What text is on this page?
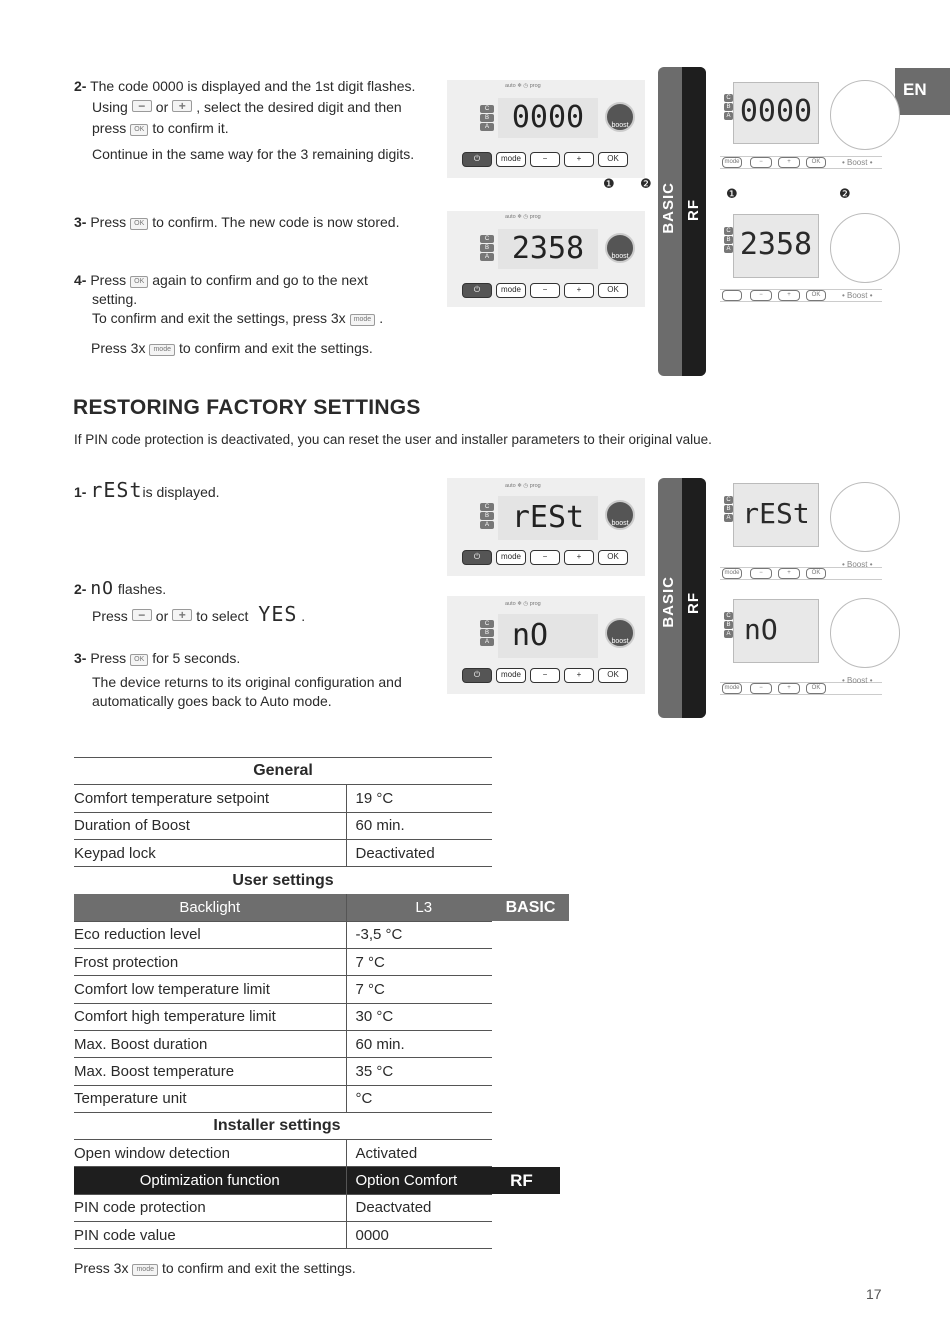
EN
2- The code 0000 is displayed and the 1st digit flashes.
Using − or + , select the desired digit and then
press OK to confirm it.
Continue in the same way for the 3 remaining digits.
3- Press OK to confirm. The new code is now stored.
4- Press OK again to confirm and go to the next
setting.
To confirm and exit the settings, press 3x mode .
Press 3x mode to confirm and exit the settings.
auto ❄ ◷ prog
C
B
A 0000	boost
⏻	mode	−	+	OK
❶ ❷
auto ❄ ◷ prog
C
B
A 2358	boost
⏻	mode	−	+	OK
BASIC RF
C
B
A 0000
mode	−	+	OK	• Boost •
❶	❷
C
B
A 2358
−	+	OK	• Boost •
RESTORING FACTORY SETTINGS
If PIN code protection is deactivated, you can reset the user and installer parameters to their original value.
1- rEStis displayed.
2- nO flashes.
Press − or + to select YES .
3- Press OK for 5 seconds.
The device returns to its original configuration and
automatically goes back to Auto mode.
auto ❄ ◷ prog
C
B
A rESt	boost
⏻	mode	−	+	OK
auto ❄ ◷ prog
C
B
A nO	boost
⏻	mode	−	+	OK
BASIC RF
C
B
A rESt
mode	−	+	OK
• Boost •
C
B
A nO
mode	−	+	OK
• Boost •
General	
Comfort temperature setpoint	19 °C
Duration of Boost	60 min.
Keypad lock	Deactivated
User settings	
Backlight	L3
Eco reduction level	-3,5 °C
Frost protection	7 °C
Comfort low temperature limit	7 °C
Comfort high temperature limit	30 °C
Max. Boost duration	60 min.
Max. Boost temperature	35 °C
Temperature unit	°C
Installer settings	
Open window detection	Activated
Optimization function	Option Comfort
PIN code protection	Deactvated
PIN code value	0000
BASIC
RF
Press 3x mode to confirm and exit the settings.
17
